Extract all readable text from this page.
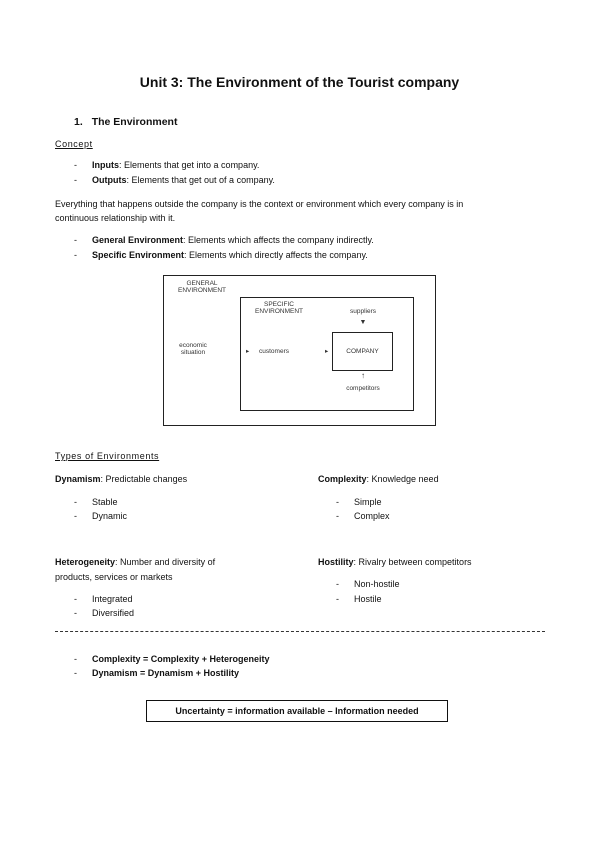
Unit 3: The Environment of the Tourist company
1. The Environment
Concept
- Inputs: Elements that get into a company.
- Outputs: Elements that get out of a company.
Everything that happens outside the company is the context or environment which every company is in
continuous relationship with it.
- General Environment: Elements which affects the company indirectly.
- Specific Environment: Elements which directly affects the company.
GENERAL
ENVIRONMENT
SPECIFIC
ENVIRONMENT	suppliers
▼
economic
situation	▸	customers	▸	COMPANY
↑
competitors
Types of Environments
Dynamism: Predictable changes
- Stable
- Dynamic
Complexity: Knowledge need
- Simple
- Complex
Heterogeneity: Number and diversity of
products, services or markets
- Integrated
- Diversified
Hostility: Rivalry between competitors
- Non-hostile
- Hostile
- Complexity = Complexity + Heterogeneity
- Dynamism = Dynamism + Hostility
Uncertainty = information available – Information needed
